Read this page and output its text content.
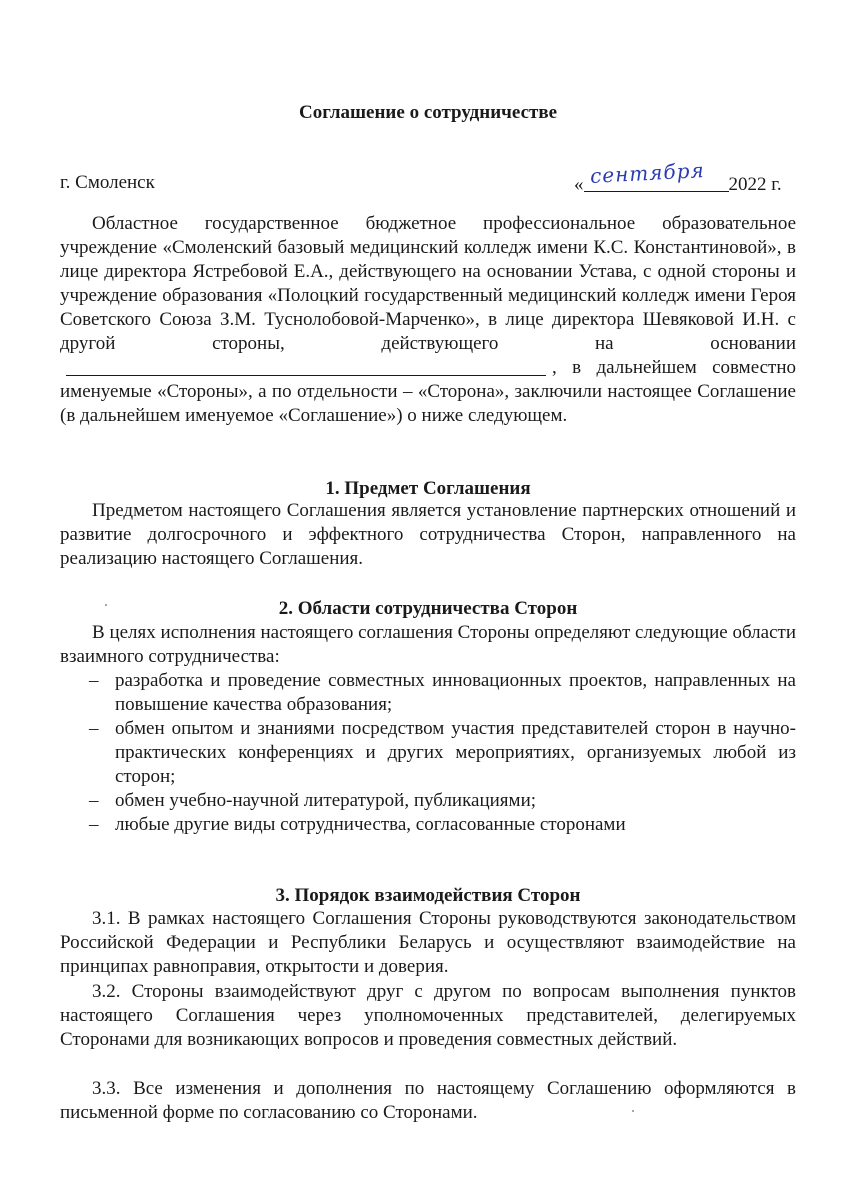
Соглашение о сотрудничестве
г. Смоленск	« сентября 2022 г.

Областное государственное бюджетное профессиональное образовательное учреждение «Смоленский базовый медицинский колледж имени К.С. Константиновой», в лице директора Ястребовой Е.А., действующего на основании Устава, с одной стороны и учреждение образования «Полоцкий государственный медицинский колледж имени Героя Советского Союза З.М. Туснолобовой-Марченко», в лице директора Шевяковой И.Н. с другой стороны, действующего на основании, в дальнейшем совместно именуемые «Стороны», а по отдельности – «Сторона», заключили настоящее Соглашение (в дальнейшем именуемое «Соглашение») о ниже следующем.

1. Предмет Соглашения

Предметом настоящего Соглашения является установление партнерских отношений и развитие долгосрочного и эффектного сотрудничества Сторон, направленного на реализацию настоящего Соглашения.

2. Области сотрудничества Сторон

В целях исполнения настоящего соглашения Стороны определяют следующие области взаимного сотрудничества:

– разработка и проведение совместных инновационных проектов, направленных на повышение качества образования;
– обмен опытом и знаниями посредством участия представителей сторон в научно-практических конференциях и других мероприятиях, организуемых любой из сторон;
– обмен учебно-научной литературой, публикациями;
– любые другие виды сотрудничества, согласованные сторонами
3. Порядок взаимодействия Сторон

3.1. В рамках настоящего Соглашения Стороны руководствуются законодательством Российской Федерации и Республики Беларусь и осуществляют взаимодействие на принципах равноправия, открытости и доверия.

3.2. Стороны взаимодействуют друг с другом по вопросам выполнения пунктов настоящего Соглашения через уполномоченных представителей, делегируемых Сторонами для возникающих вопросов и проведения совместных действий.

3.3. Все изменения и дополнения по настоящему Соглашению оформляются в письменной форме по согласованию со Сторонами.
